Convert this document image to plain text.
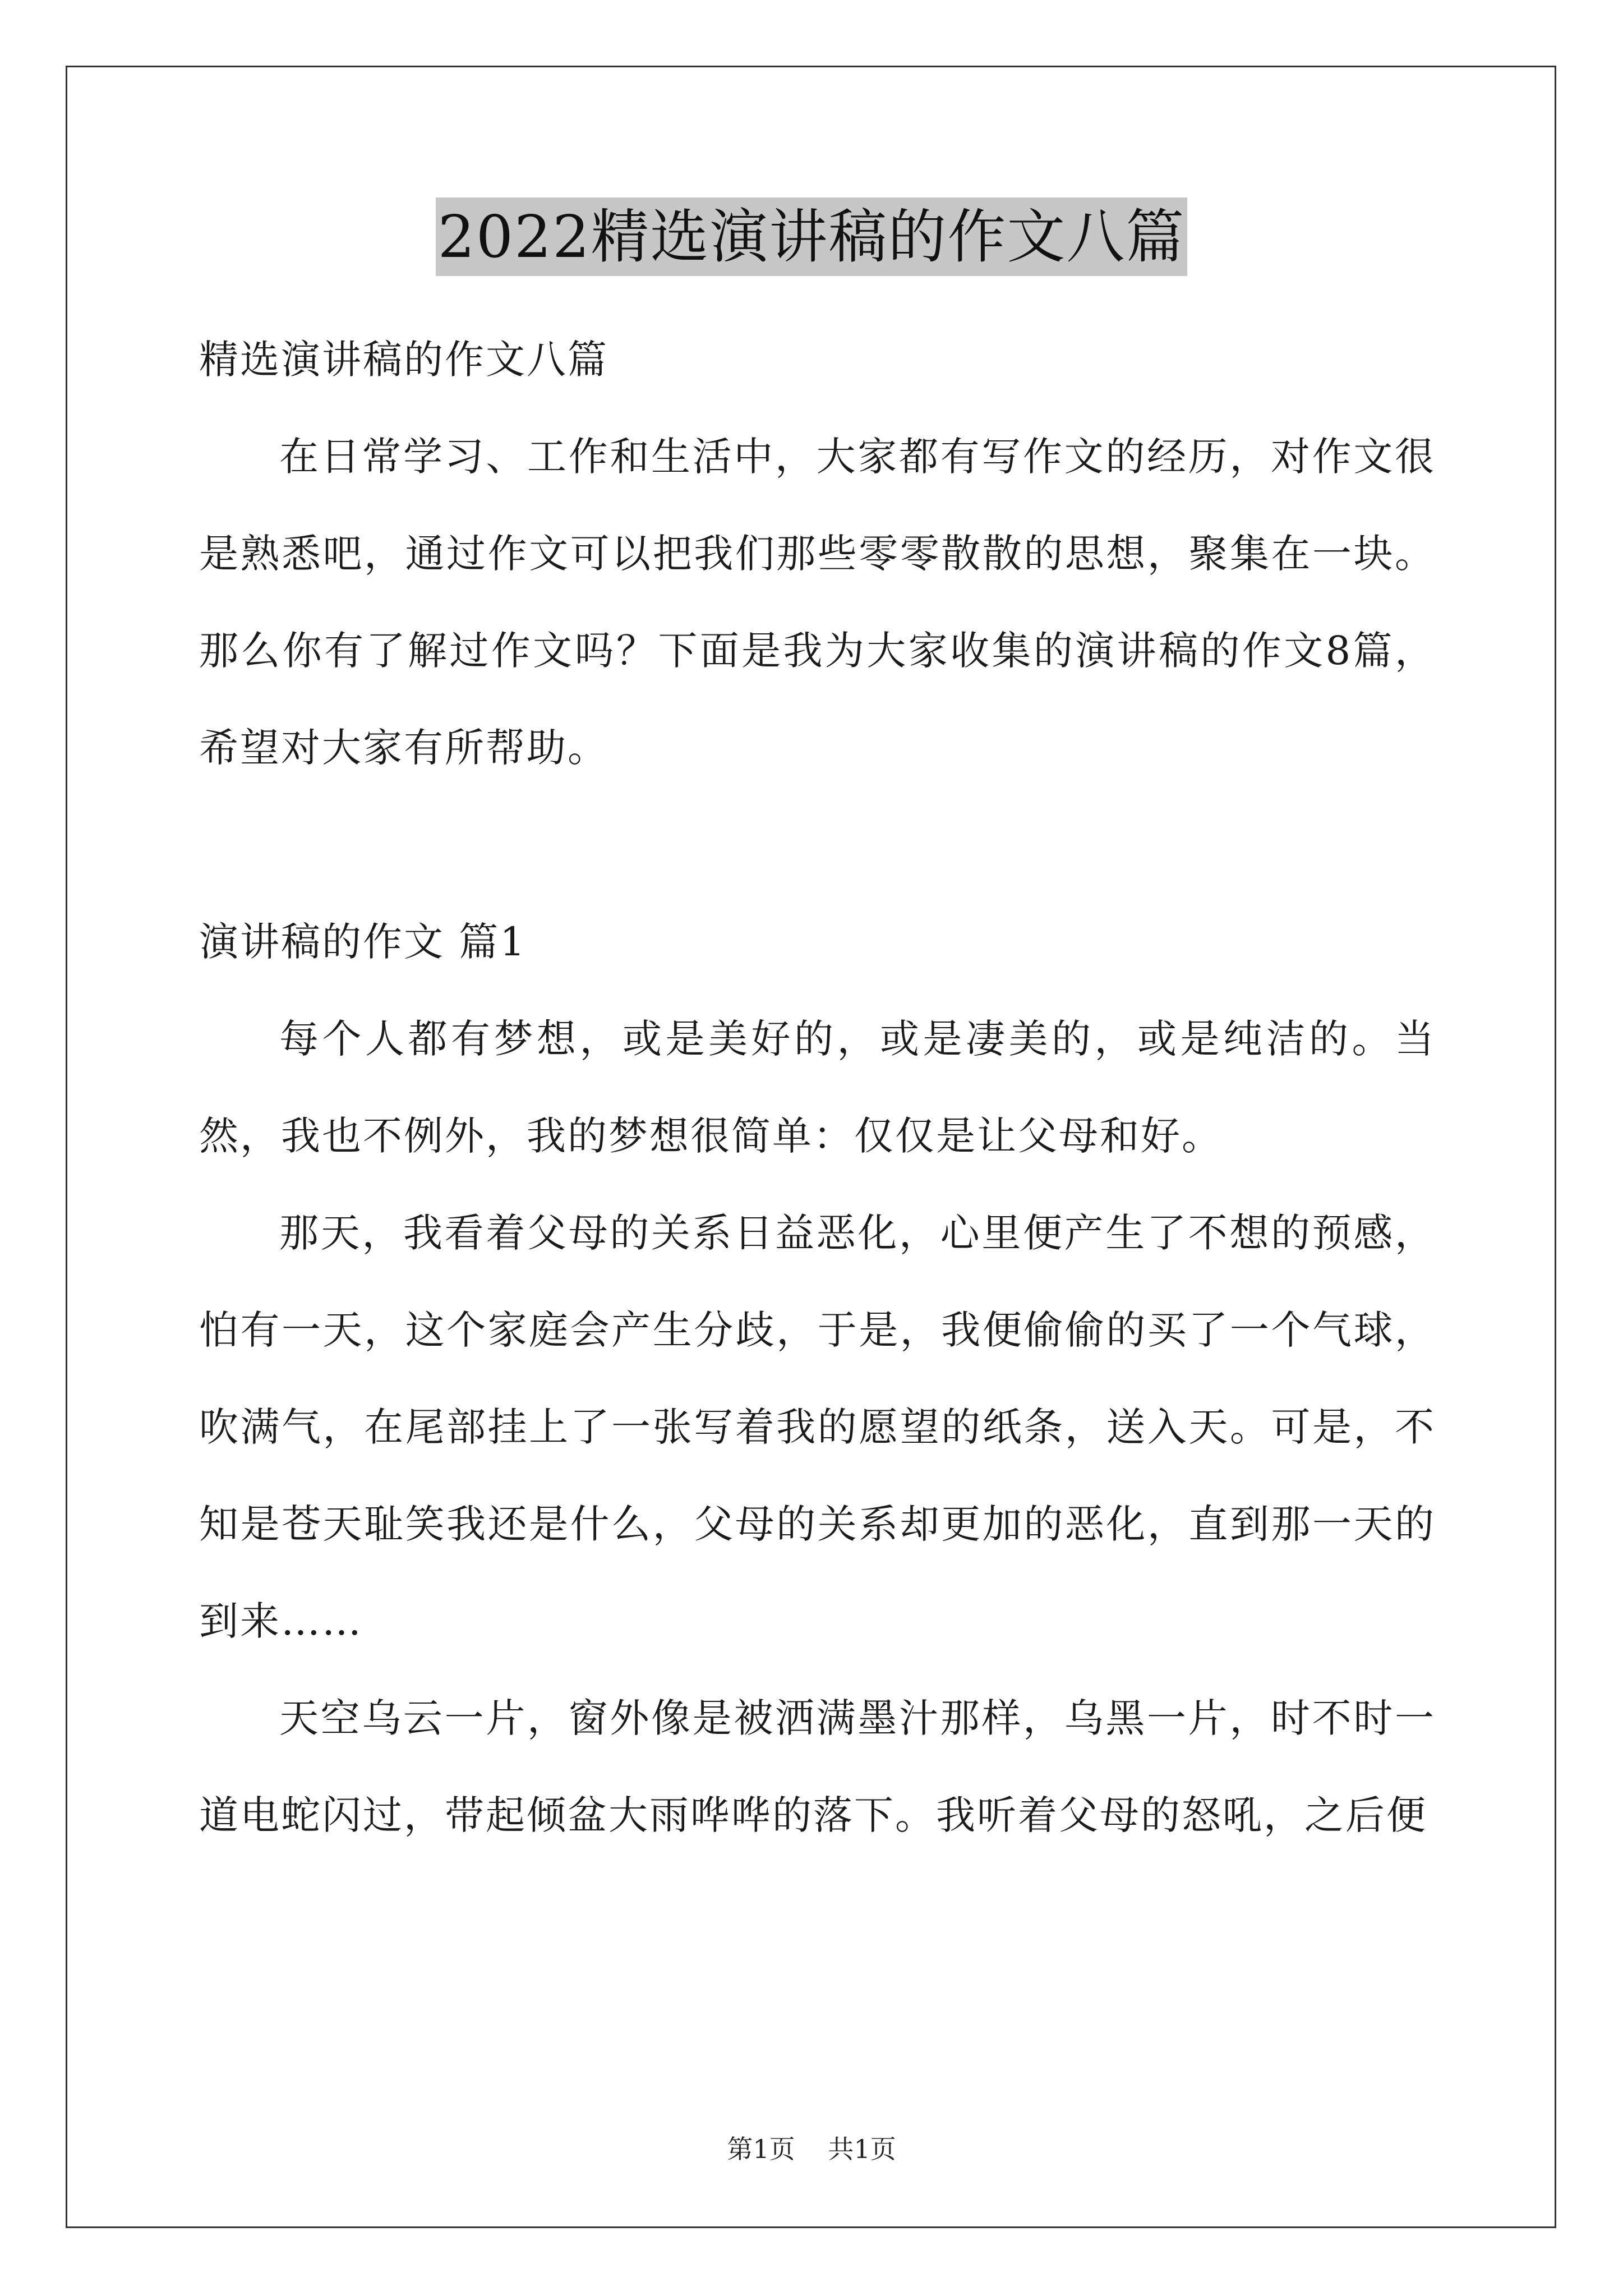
2022精选演讲稿的作文八篇

精选演讲稿的作文八篇

在日常学习、工作和生活中，大家都有写作文的经历，对作文很是熟悉吧，通过作文可以把我们那些零零散散的思想，聚集在一块。那么你有了解过作文吗？下面是我为大家收集的演讲稿的作文8篇，希望对大家有所帮助。

演讲稿的作文 篇1

每个人都有梦想，或是美好的，或是凄美的，或是纯洁的。当然，我也不例外，我的梦想很简单：仅仅是让父母和好。

那天，我看着父母的关系日益恶化，心里便产生了不想的预感，怕有一天，这个家庭会产生分歧，于是，我便偷偷的买了一个气球，吹满气，在尾部挂上了一张写着我的愿望的纸条，送入天。可是，不知是苍天耻笑我还是什么，父母的关系却更加的恶化，直到那一天的到来……

天空乌云一片，窗外像是被洒满墨汁那样，乌黑一片，时不时一道电蛇闪过，带起倾盆大雨哗哗的落下。我听着父母的怒吼，之后便

第1页 共1页
